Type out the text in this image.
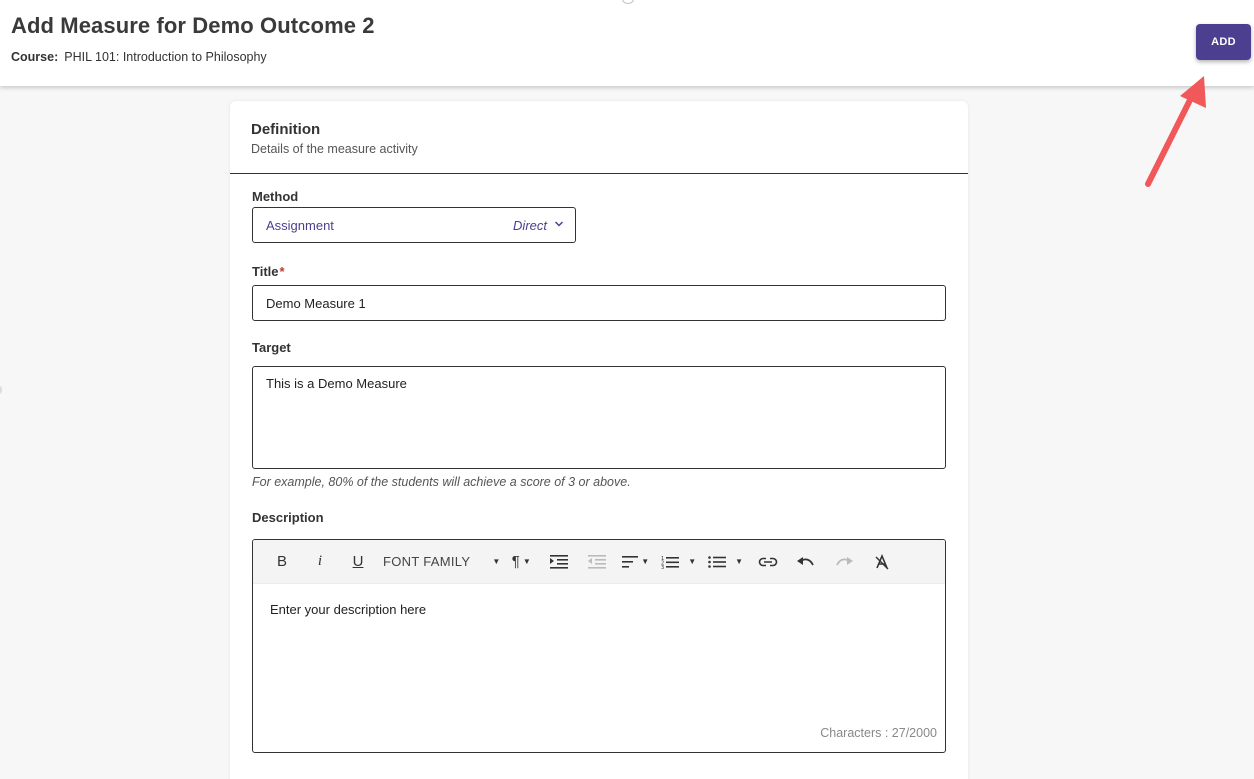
Add Measure for Demo Outcome 2
Course: PHIL 101: Introduction to Philosophy
ADD
Definition
Details of the measure activity
Method
Assignment	Direct
Title*
Demo Measure 1
Target
This is a Demo Measure
For example, 80% of the students will achieve a score of 3 or above.
Description
B i U FONT FAMILY	▼ ¶ ▼	▼ 1
2
3
▼	▼
Enter your description here
Characters : 27/2000
